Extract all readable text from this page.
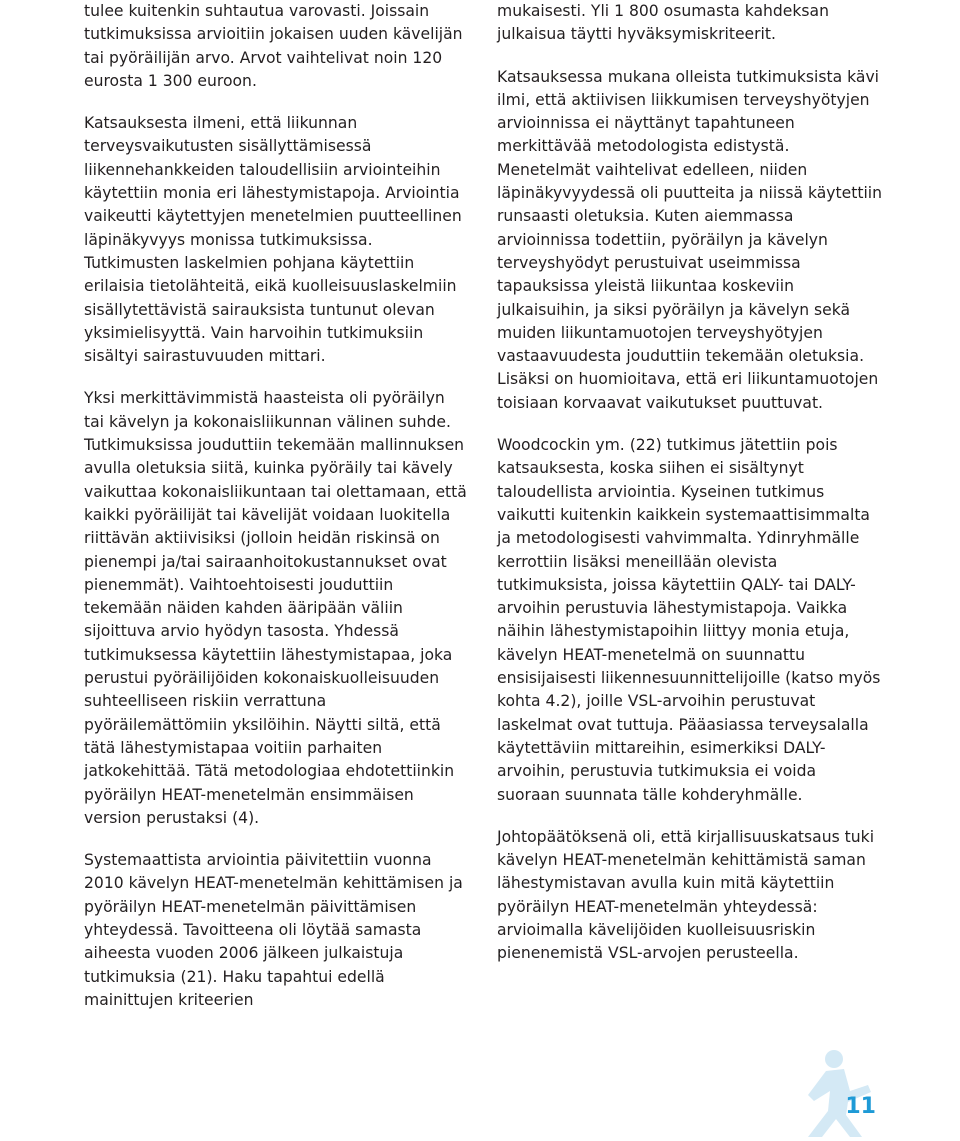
tulee kuitenkin suhtautua varovasti. Joissain tutkimuksissa arvioitiin jokaisen uuden kävelijän tai pyöräilijän arvo. Arvot vaihtelivat noin 120 eurosta 1 300 euroon.

Katsauksesta ilmeni, että liikunnan terveysvaikutusten sisällyttämisessä liikennehankkeiden taloudellisiin arviointeihin käytettiin monia eri lähestymistapoja. Arviointia vaikeutti käytettyjen menetelmien puutteellinen läpinäkyvyys monissa tutkimuksissa. Tutkimusten laskelmien pohjana käytettiin erilaisia tietolähteitä, eikä kuolleisuuslaskelmiin sisällytettävistä sairauksista tuntunut olevan yksimielisyyttä. Vain harvoihin tutkimuksiin sisältyi sairastuvuuden mittari.

Yksi merkittävimmistä haasteista oli pyöräilyn tai kävelyn ja kokonaisliikunnan välinen suhde. Tutkimuksissa jouduttiin tekemään mallinnuksen avulla oletuksia siitä, kuinka pyöräily tai kävely vaikuttaa kokonaisliikuntaan tai olettamaan, että kaikki pyöräilijät tai kävelijät voidaan luokitella riittävän aktiivisiksi (jolloin heidän riskinsä on pienempi ja/tai sairaanhoitokustannukset ovat pienemmät). Vaihtoehtoisesti jouduttiin tekemään näiden kahden ääripään väliin sijoittuva arvio hyödyn tasosta. Yhdessä tutkimuksessa käytettiin lähestymistapaa, joka perustui pyöräilijöiden kokonaiskuolleisuuden suhteelliseen riskiin verrattuna pyöräilemättömiin yksilöihin. Näytti siltä, että tätä lähestymistapaa voitiin parhaiten jatkokehittää. Tätä metodologiaa ehdotettiinkin pyöräilyn HEAT-menetelmän ensimmäisen version perustaksi (4).

Systemaattista arviointia päivitettiin vuonna 2010 kävelyn HEAT-menetelmän kehittämisen ja pyöräilyn HEAT-menetelmän päivittämisen yhteydessä. Tavoitteena oli löytää samasta aiheesta vuoden 2006 jälkeen julkaistuja tutkimuksia (21). Haku tapahtui edellä mainittujen kriteerien

mukaisesti. Yli 1 800 osumasta kahdeksan julkaisua täytti hyväksymiskriteerit.

Katsauksessa mukana olleista tutkimuksista kävi ilmi, että aktiivisen liikkumisen terveyshyötyjen arvioinnissa ei näyttänyt tapahtuneen merkittävää metodologista edistystä. Menetelmät vaihtelivat edelleen, niiden läpinäkyvyydessä oli puutteita ja niissä käytettiin runsaasti oletuksia. Kuten aiemmassa arvioinnissa todettiin, pyöräilyn ja kävelyn terveyshyödyt perustuivat useimmissa tapauksissa yleistä liikuntaa koskeviin julkaisuihin, ja siksi pyöräilyn ja kävelyn sekä muiden liikuntamuotojen terveyshyötyjen vastaavuudesta jouduttiin tekemään oletuksia. Lisäksi on huomioitava, että eri liikuntamuotojen toisiaan korvaavat vaikutukset puuttuvat.

Woodcockin ym. (22) tutkimus jätettiin pois katsauksesta, koska siihen ei sisältynyt taloudellista arviointia. Kyseinen tutkimus vaikutti kuitenkin kaikkein systemaattisimmalta ja metodologisesti vahvimmalta. Ydinryhmälle kerrottiin lisäksi meneillään olevista tutkimuksista, joissa käytettiin QALY- tai DALY-arvoihin perustuvia lähestymistapoja. Vaikka näihin lähestymistapoihin liittyy monia etuja, kävelyn HEAT-menetelmä on suunnattu ensisijaisesti liikennesuunnittelijoille (katso myös kohta 4.2), joille VSL-arvoihin perustuvat laskelmat ovat tuttuja. Pääasiassa terveysalalla käytettäviin mittareihin, esimerkiksi DALY-arvoihin, perustuvia tutkimuksia ei voida suoraan suunnata tälle kohderyhmälle.

Johtopäätöksenä oli, että kirjallisuuskatsaus tuki kävelyn HEAT-menetelmän kehittämistä saman lähestymistavan avulla kuin mitä käytettiin pyöräilyn HEAT-menetelmän yhteydessä: arvioimalla kävelijöiden kuolleisuusriskin pienenemistä VSL-arvojen perusteella.

11
